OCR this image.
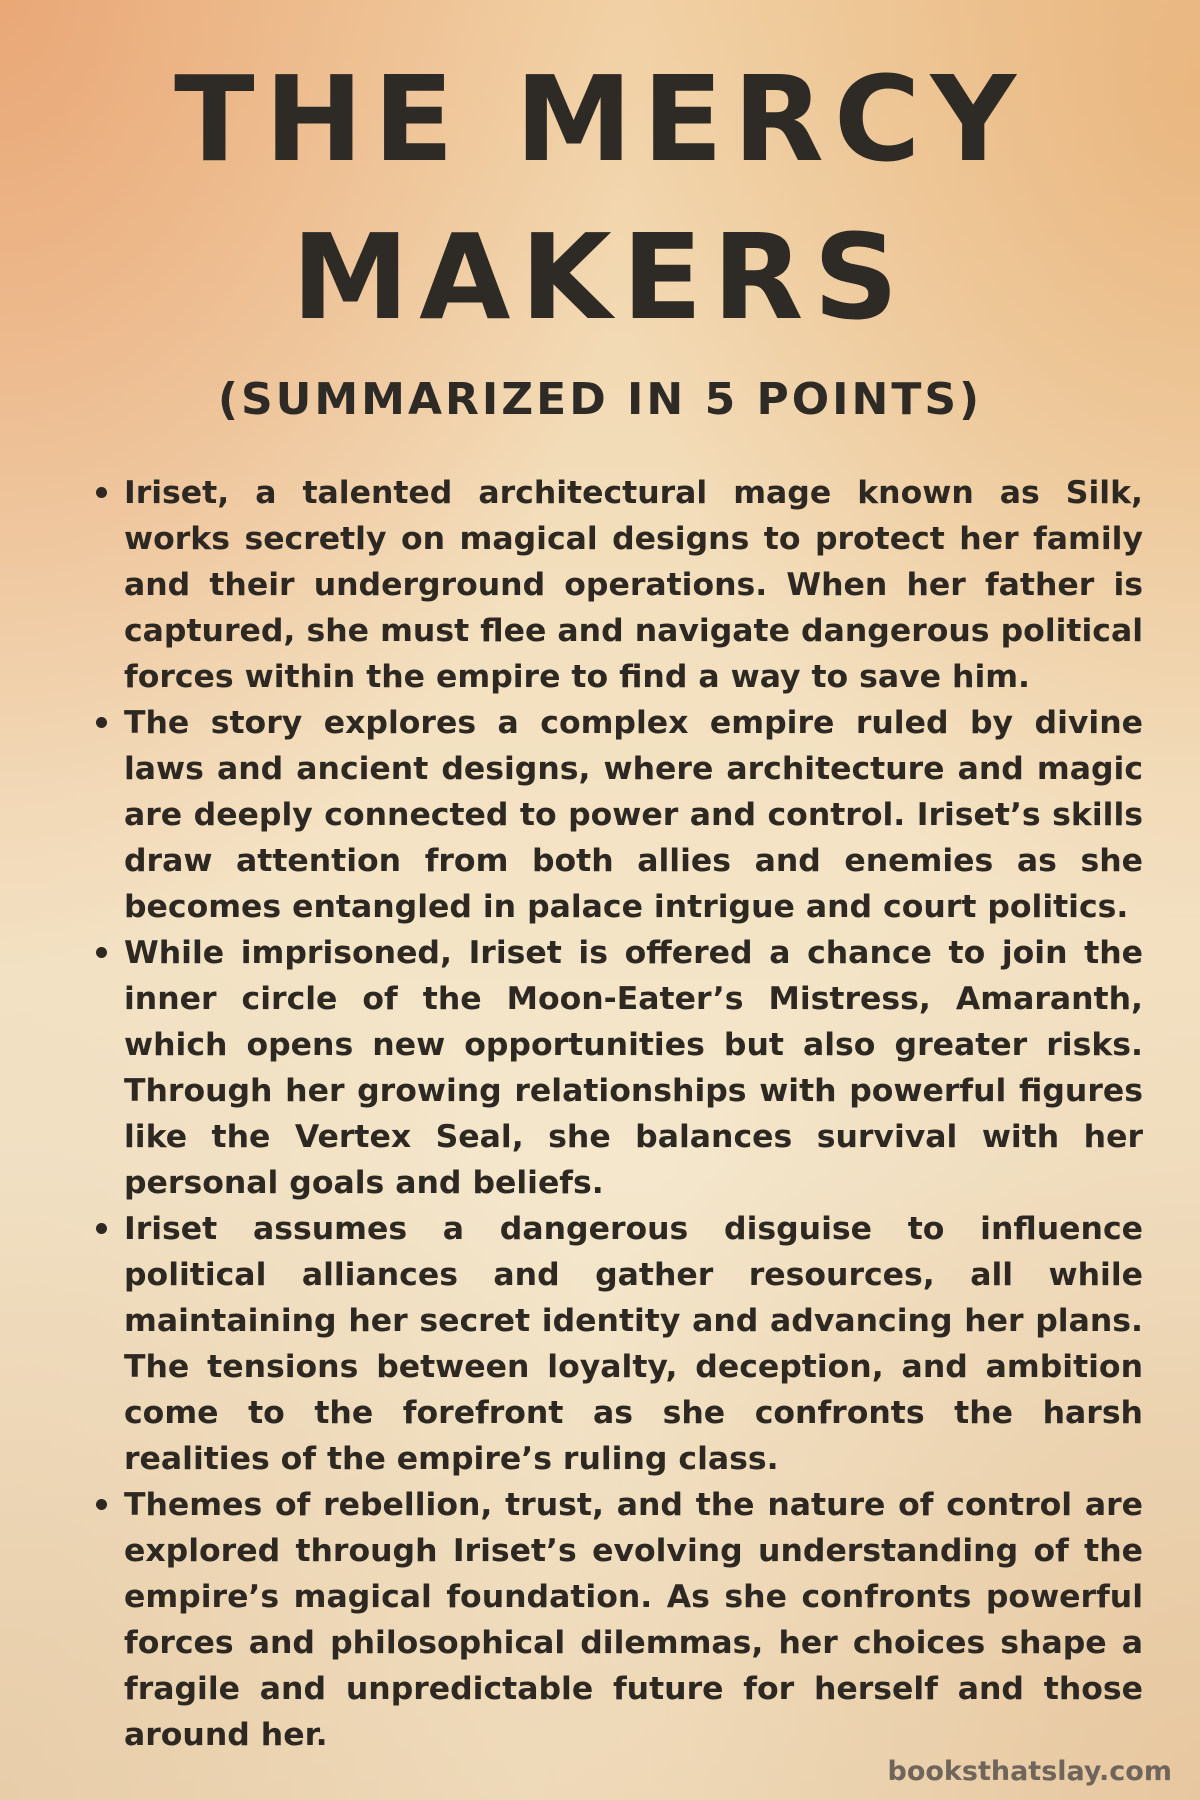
THE MERCY
MAKERS
(SUMMARIZED IN 5 POINTS)
Iriset, a talented architectural mage known as Silk, works secretly on magical designs to protect her family and their underground operations. When her father is captured, she must flee and navigate dangerous political forces within the empire to find a way to save him.
The story explores a complex empire ruled by divine laws and ancient designs, where architecture and magic are deeply connected to power and control. Iriset’s skills draw attention from both allies and enemies as she becomes entangled in palace intrigue and court politics.
While imprisoned, Iriset is offered a chance to join the inner circle of the Moon-Eater’s Mistress, Amaranth, which opens new opportunities but also greater risks. Through her growing relationships with powerful figures like the Vertex Seal, she balances survival with her personal goals and beliefs.
Iriset assumes a dangerous disguise to influence political alliances and gather resources, all while maintaining her secret identity and advancing her plans. The tensions between loyalty, deception, and ambition come to the forefront as she confronts the harsh realities of the empire’s ruling class.
Themes of rebellion, trust, and the nature of control are explored through Iriset’s evolving understanding of the empire’s magical foundation. As she confronts powerful forces and philosophical dilemmas, her choices shape a fragile and unpredictable future for herself and those around her.
booksthatslay.com
